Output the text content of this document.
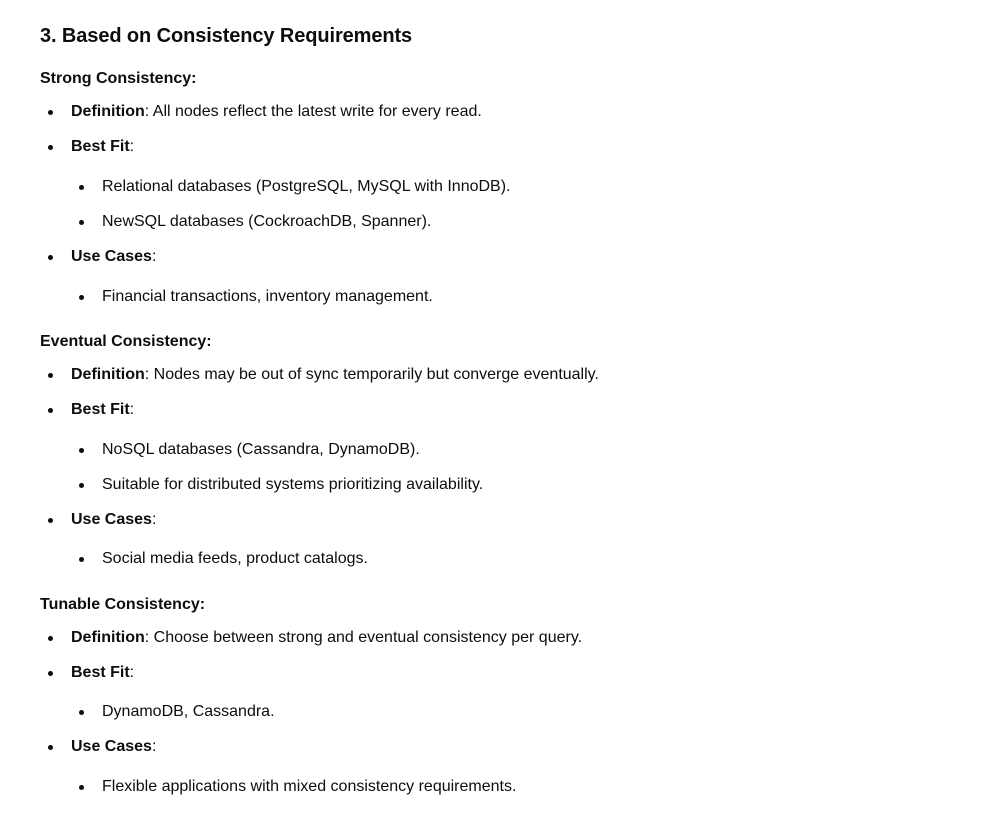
3. Based on Consistency Requirements

Strong Consistency:

Definition: All nodes reflect the latest write for every read.

Best Fit:

Relational databases (PostgreSQL, MySQL with InnoDB).

NewSQL databases (CockroachDB, Spanner).

Use Cases:

Financial transactions, inventory management.

Eventual Consistency:

Definition: Nodes may be out of sync temporarily but converge eventually.

Best Fit:

NoSQL databases (Cassandra, DynamoDB).

Suitable for distributed systems prioritizing availability.

Use Cases:

Social media feeds, product catalogs.

Tunable Consistency:

Definition: Choose between strong and eventual consistency per query.

Best Fit:

DynamoDB, Cassandra.

Use Cases:

Flexible applications with mixed consistency requirements.
